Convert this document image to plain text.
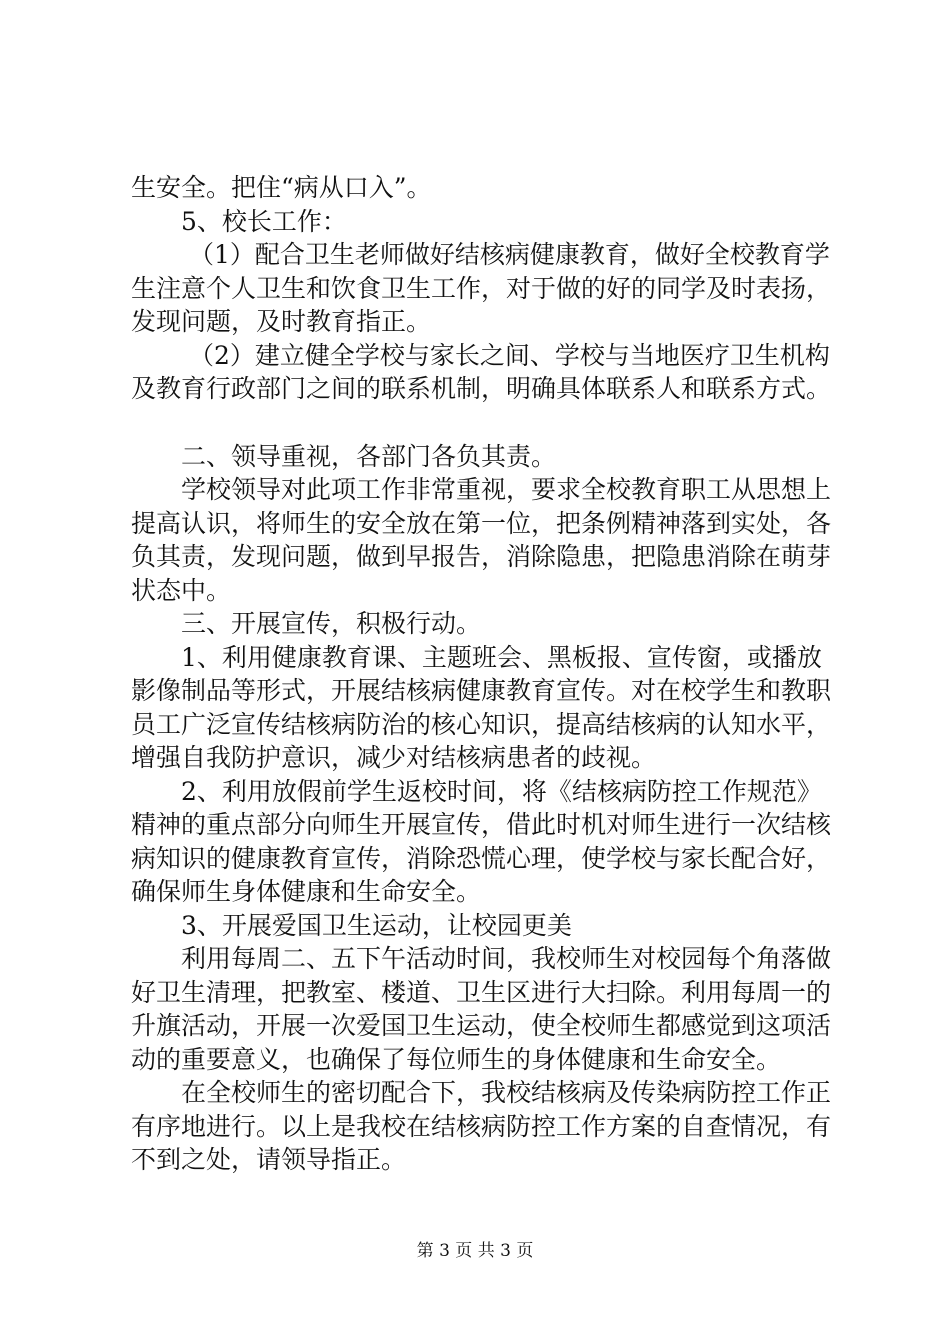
生安全。把住“病从口入”。

5、校长工作：

（1）配合卫生老师做好结核病健康教育，做好全校教育学生注意个人卫生和饮食卫生工作，对于做的好的同学及时表扬，发现问题，及时教育指正。

（2）建立健全学校与家长之间、学校与当地医疗卫生机构及教育行政部门之间的联系机制，明确具体联系人和联系方式。

二、领导重视，各部门各负其责。

学校领导对此项工作非常重视，要求全校教育职工从思想上提高认识，将师生的安全放在第一位，把条例精神落到实处，各负其责，发现问题，做到早报告，消除隐患，把隐患消除在萌芽状态中。

三、开展宣传，积极行动。

1、利用健康教育课、主题班会、黑板报、宣传窗，或播放影像制品等形式，开展结核病健康教育宣传。对在校学生和教职员工广泛宣传结核病防治的核心知识，提高结核病的认知水平，增强自我防护意识，减少对结核病患者的歧视。

2、利用放假前学生返校时间，将《结核病防控工作规范》精神的重点部分向师生开展宣传，借此时机对师生进行一次结核病知识的健康教育宣传，消除恐慌心理，使学校与家长配合好，确保师生身体健康和生命安全。

3、开展爱国卫生运动，让校园更美

利用每周二、五下午活动时间，我校师生对校园每个角落做好卫生清理，把教室、楼道、卫生区进行大扫除。利用每周一的升旗活动，开展一次爱国卫生运动，使全校师生都感觉到这项活动的重要意义，也确保了每位师生的身体健康和生命安全。

在全校师生的密切配合下，我校结核病及传染病防控工作正有序地进行。以上是我校在结核病防控工作方案的自查情况，有不到之处，请领导指正。

第 3 页 共 3 页
